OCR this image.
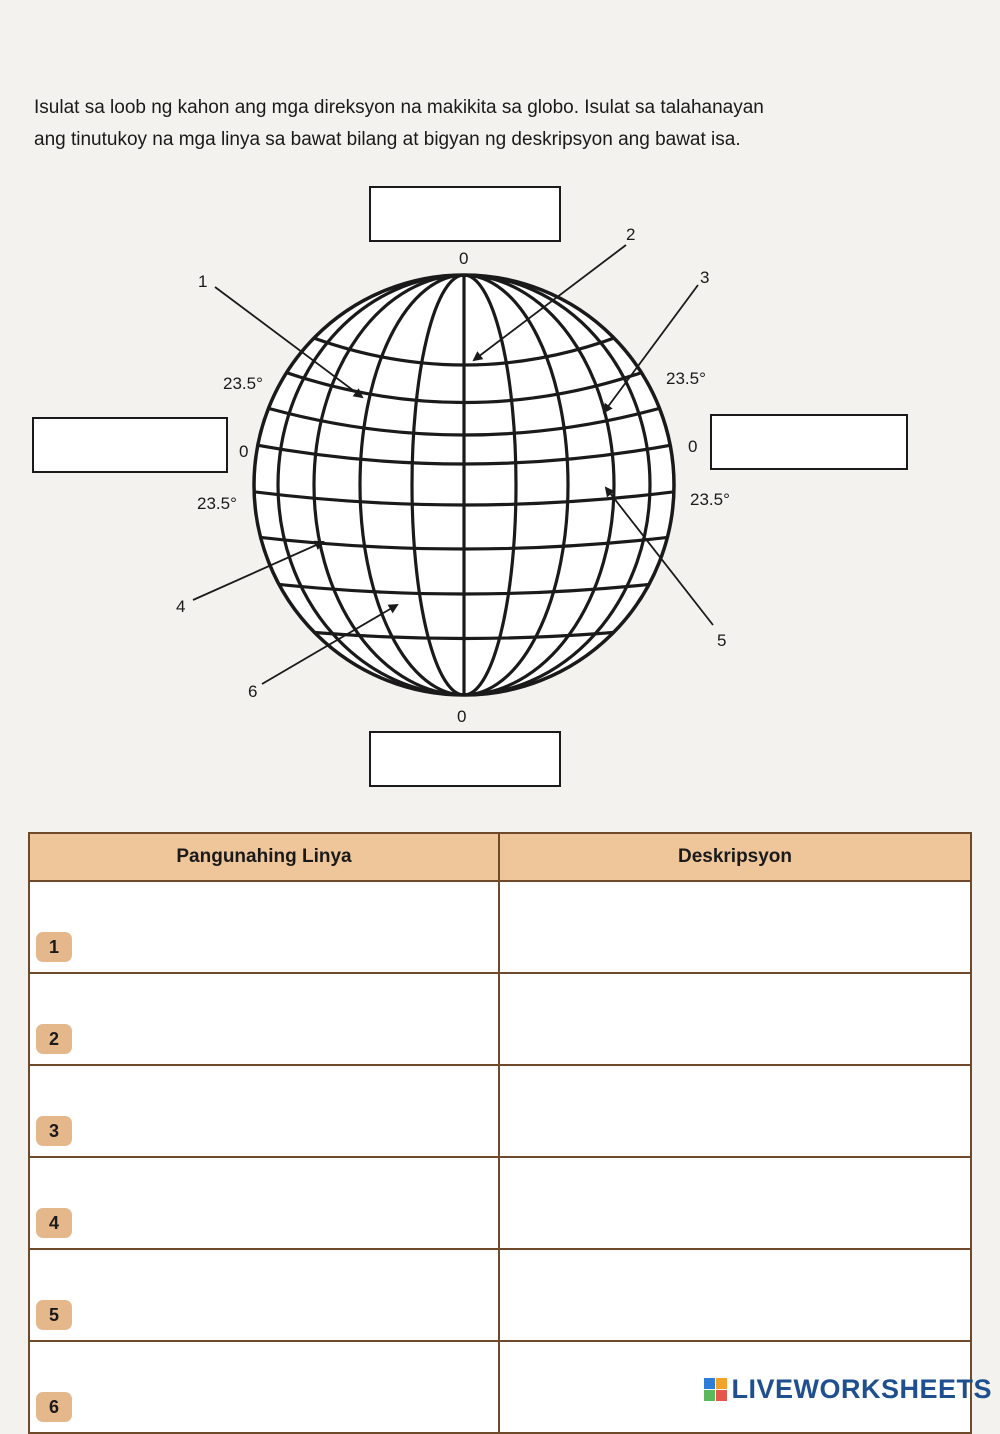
Isulat sa loob ng kahon ang mga direksyon na makikita sa globo. Isulat sa talahanayan
ang tinutukoy na mga linya sa bawat bilang at bigyan ng deskripsyon ang bawat isa.

1
2
3
4
5
6
0
0
0	0
23.5°	23.5°
23.5°	23.5°
Pangunahing Linya	Deskripsyon
1	
2	
3	
4	
5	
6	
LIVEWORKSHEETS
